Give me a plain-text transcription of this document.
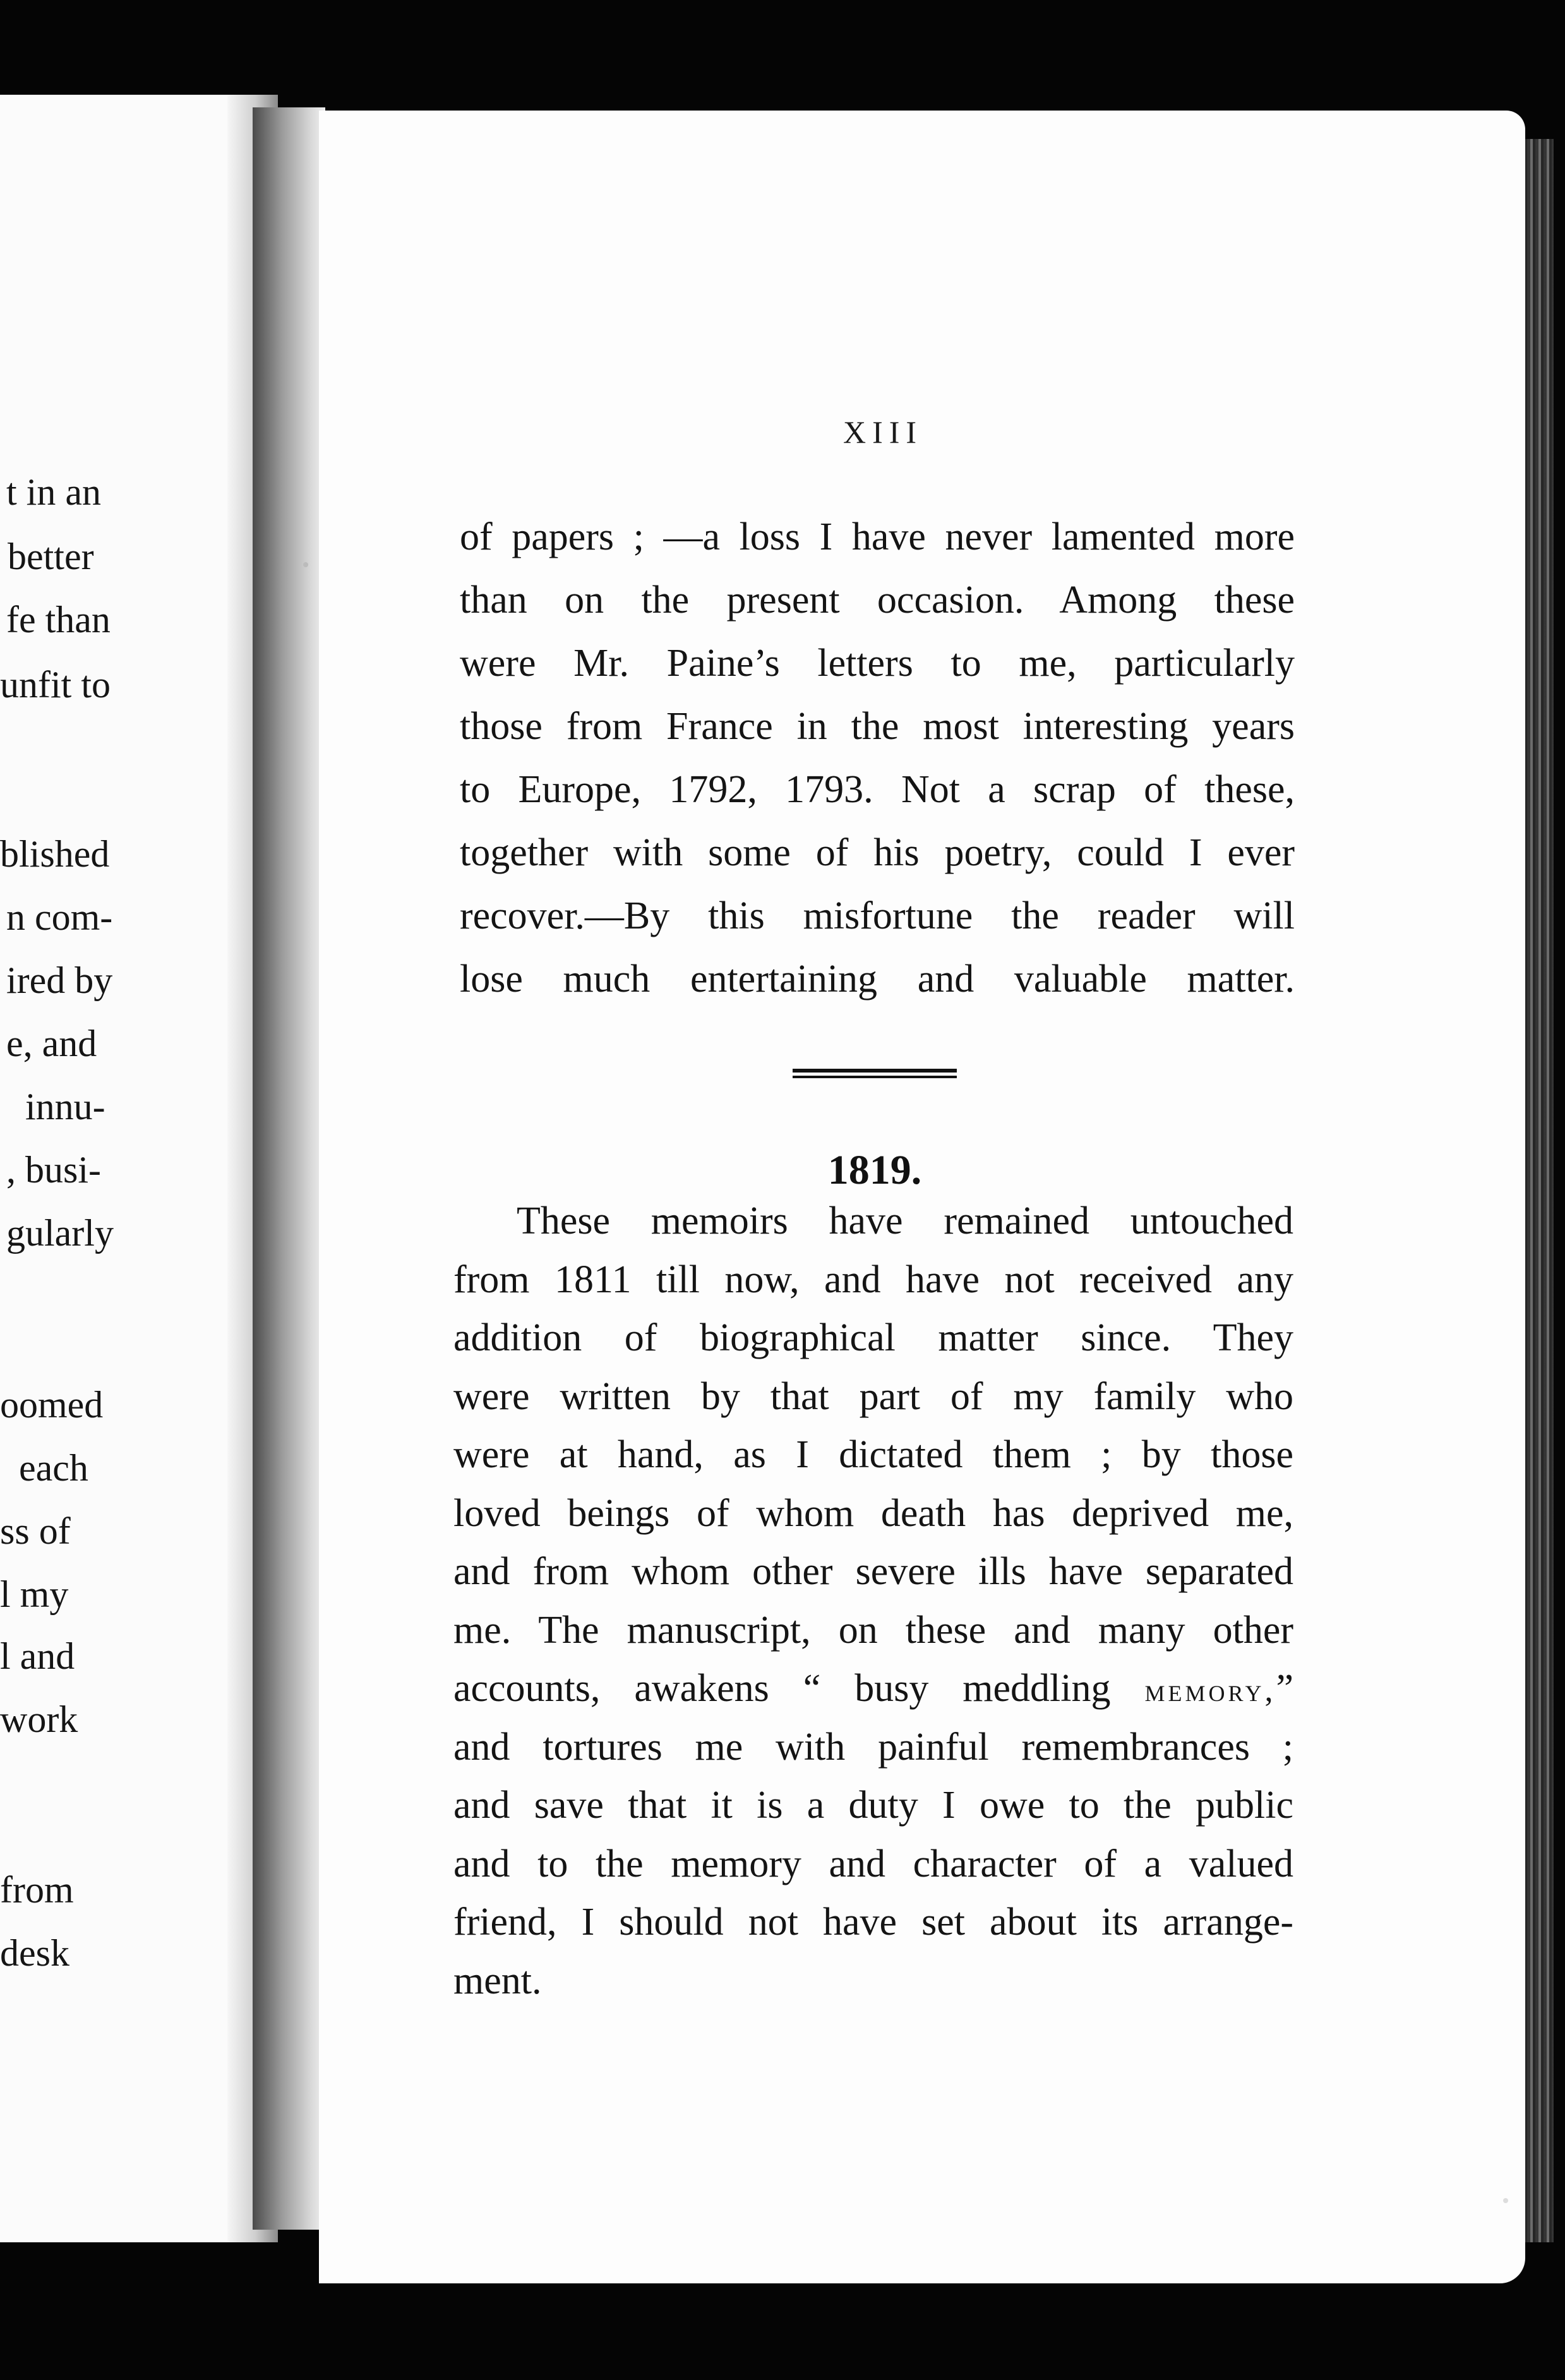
t in an
better
fe than
unfit to
blished
n com-
ired by
e, and
innu-
, busi-
gularly
oomed
each
ss of
l my
l and
work
from
desk
XIII
of papers ; —a loss I have never lamented more
than on the present occasion. Among these
were Mr. Paine’s letters to me, particularly
those from France in the most interesting years
to Europe, 1792, 1793. Not a scrap of these,
together with some of his poetry, could I ever
recover.—By this misfortune the reader will
lose much entertaining and valuable matter.
1819.
These memoirs have remained untouched
from 1811 till now, and have not received any
addition of biographical matter since. They
were written by that part of my family who
were at hand, as I dictated them ; by those
loved beings of whom death has deprived me,
and from whom other severe ills have separated
me. The manuscript, on these and many other
accounts, awakens “ busy meddling memory,”
and tortures me with painful remembrances ;
and save that it is a duty I owe to the public
and to the memory and character of a valued
friend, I should not have set about its arrange-
ment.
